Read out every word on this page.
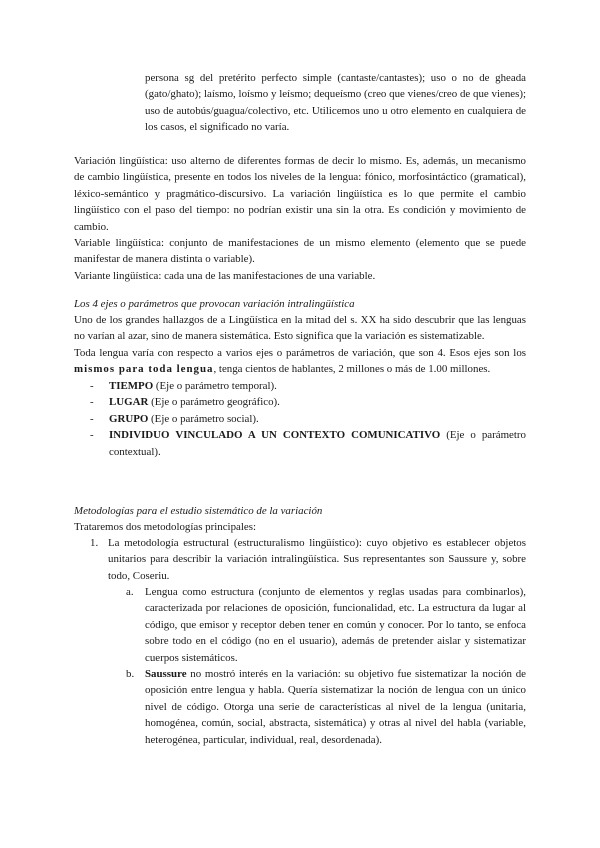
persona sg del pretérito perfecto simple (cantaste/cantastes); uso o no de gheada (gato/ghato); laísmo, loísmo y leísmo; dequeísmo (creo que vienes/creo de que vienes); uso de autobús/guagua/colectivo, etc. Utilicemos uno u otro elemento en cualquiera de los casos, el significado no varía.

Variación lingüística: uso alterno de diferentes formas de decir lo mismo. Es, además, un mecanismo de cambio lingüística, presente en todos los niveles de la lengua: fónico, morfosintáctico (gramatical), léxico-semántico y pragmático-discursivo. La variación lingüística es lo que permite el cambio lingüístico con el paso del tiempo: no podrían existir una sin la otra. Es condición y movimiento de cambio.

Variable lingüística: conjunto de manifestaciones de un mismo elemento (elemento que se puede manifestar de manera distinta o variable).

Variante lingüística: cada una de las manifestaciones de una variable.

Los 4 ejes o parámetros que provocan variación intralingüística

Uno de los grandes hallazgos de a Lingüística en la mitad del s. XX ha sido descubrir que las lenguas no varían al azar, sino de manera sistemática. Esto significa que la variación es sistematizable.

Toda lengua varía con respecto a varios ejes o parámetros de variación, que son 4. Esos ejes son los mismos para toda lengua, tenga cientos de hablantes, 2 millones o más de 1.00 millones.

- TIEMPO (Eje o parámetro temporal).
- LUGAR (Eje o parámetro geográfico).
- GRUPO (Eje o parámetro social).
- INDIVIDUO VINCULADO A UN CONTEXTO COMUNICATIVO (Eje o parámetro contextual).

Metodologías para el estudio sistemático de la variación

Trataremos dos metodologías principales:

1. La metodología estructural (estructuralismo lingüístico): cuyo objetivo es establecer objetos unitarios para describir la variación intralingüística. Sus representantes son Saussure y, sobre todo, Coseriu.

a.	Lengua como estructura (conjunto de elementos y reglas usadas para combinarlos), caracterizada por relaciones de oposición, funcionalidad, etc. La estructura da lugar al código, que emisor y receptor deben tener en común y conocer. Por lo tanto, se enfoca sobre todo en el código (no en el usuario), además de pretender aislar y sistematizar cuerpos sistemáticos.

b. Saussure no mostró interés en la variación: su objetivo fue sistematizar la noción de oposición entre lengua y habla. Quería sistematizar la noción de lengua con un único nivel de código. Otorga una serie de características al nivel de la lengua (unitaria, homogénea, común, social, abstracta, sistemática) y otras al nivel del habla (variable, heterogénea, particular, individual, real, desordenada).
